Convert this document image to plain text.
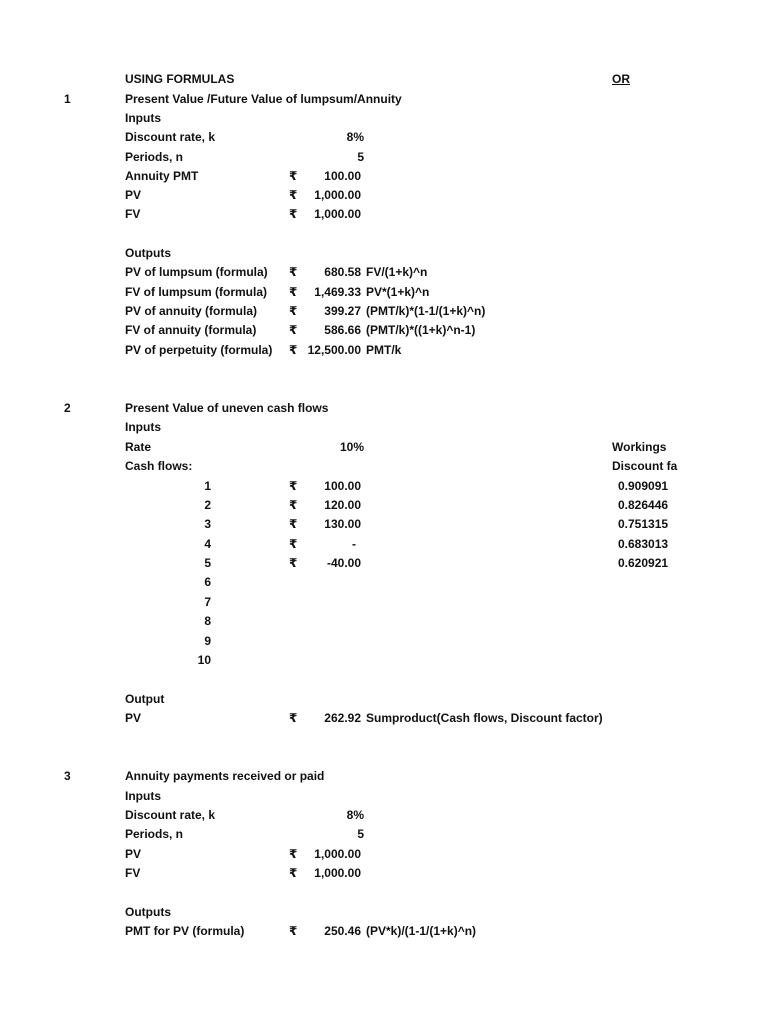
USING FORMULAS	OR
1	Present Value /Future Value of lumpsum/Annuity
Inputs
Discount rate, k	8%
Periods, n	5
Annuity PMT	₹ 100.00
PV	₹ 1,000.00
FV	₹ 1,000.00
Outputs
PV of lumpsum (formula) ₹ 680.58 FV/(1+k)^n
FV of lumpsum (formula) ₹ 1,469.33 PV*(1+k)^n
PV of annuity (formula)	₹ 399.27 (PMT/k)*(1-1/(1+k)^n)
FV of annuity (formula)	₹ 586.66 (PMT/k)*((1+k)^n-1)
PV of perpetuity (formula) ₹ 12,500.00 PMT/k
2	Present Value of uneven cash flows
Inputs
Rate	10%	Workings
Cash flows:	Discount fa
1	₹ 100.00	0.909091
2	₹ 120.00	0.826446
3	₹ 130.00	0.751315
4	₹	-	0.683013
5	₹ -40.00	0.620921
6
7
8
9
10
Output
PV	₹ 262.92 Sumproduct(Cash flows, Discount factor)
3	Annuity payments received or paid
Inputs
Discount rate, k	8%
Periods, n	5
PV	₹ 1,000.00
FV	₹ 1,000.00
Outputs
PMT for PV (formula)	₹ 250.46 (PV*k)/(1-1/(1+k)^n)
